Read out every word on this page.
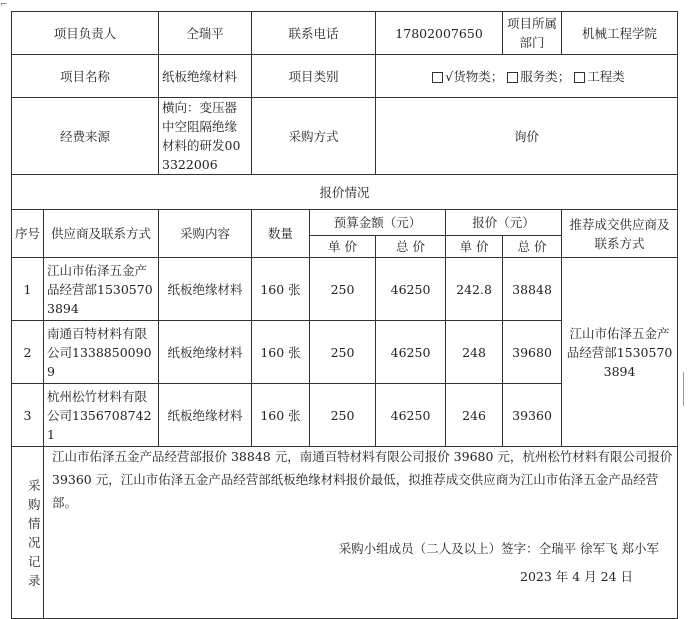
⌐
项目负责人		仝瑞平	联系电话		17802007650		项目所属部门	机械工程学院
项目名称		纸板绝缘材料	项目类别		√货物类； 服务类； 工程类			
经费来源		横向：变压器中空阻隔绝缘材料的研发003322006	采购方式		询价			
报价情况								
序号	供应商及联系方式	采购内容	数量	预算金额（元）		报价（元）		推荐成交供应商及联系方式
				单 价	总 价	单 价	总 价	
1	江山市佑泽五金产品经营部15305703894	纸板绝缘材料	160 张	250	46250	242.8	38848	江山市佑泽五金产品经营部15305703894
2	南通百特材料有限公司13388500909	纸板绝缘材料	160 张	250	46250	248	39680	
3	杭州松竹材料有限公司13567087421	纸板绝缘材料	160 张	250	46250	246	39360	
采购情况记录	江山市佑泽五金产品经营部报价 38848 元，南通百特材料有限公司报价 39680 元，杭州松竹材料有限公司报价 39360 元，江山市佑泽五金产品经营部纸板绝缘材料报价最低，拟推荐成交供应商为江山市佑泽五金产品经营部。
采购小组成员（二人及以上）签字：仝瑞平 徐军飞 郑小军
2023 年 4 月 24 日							
